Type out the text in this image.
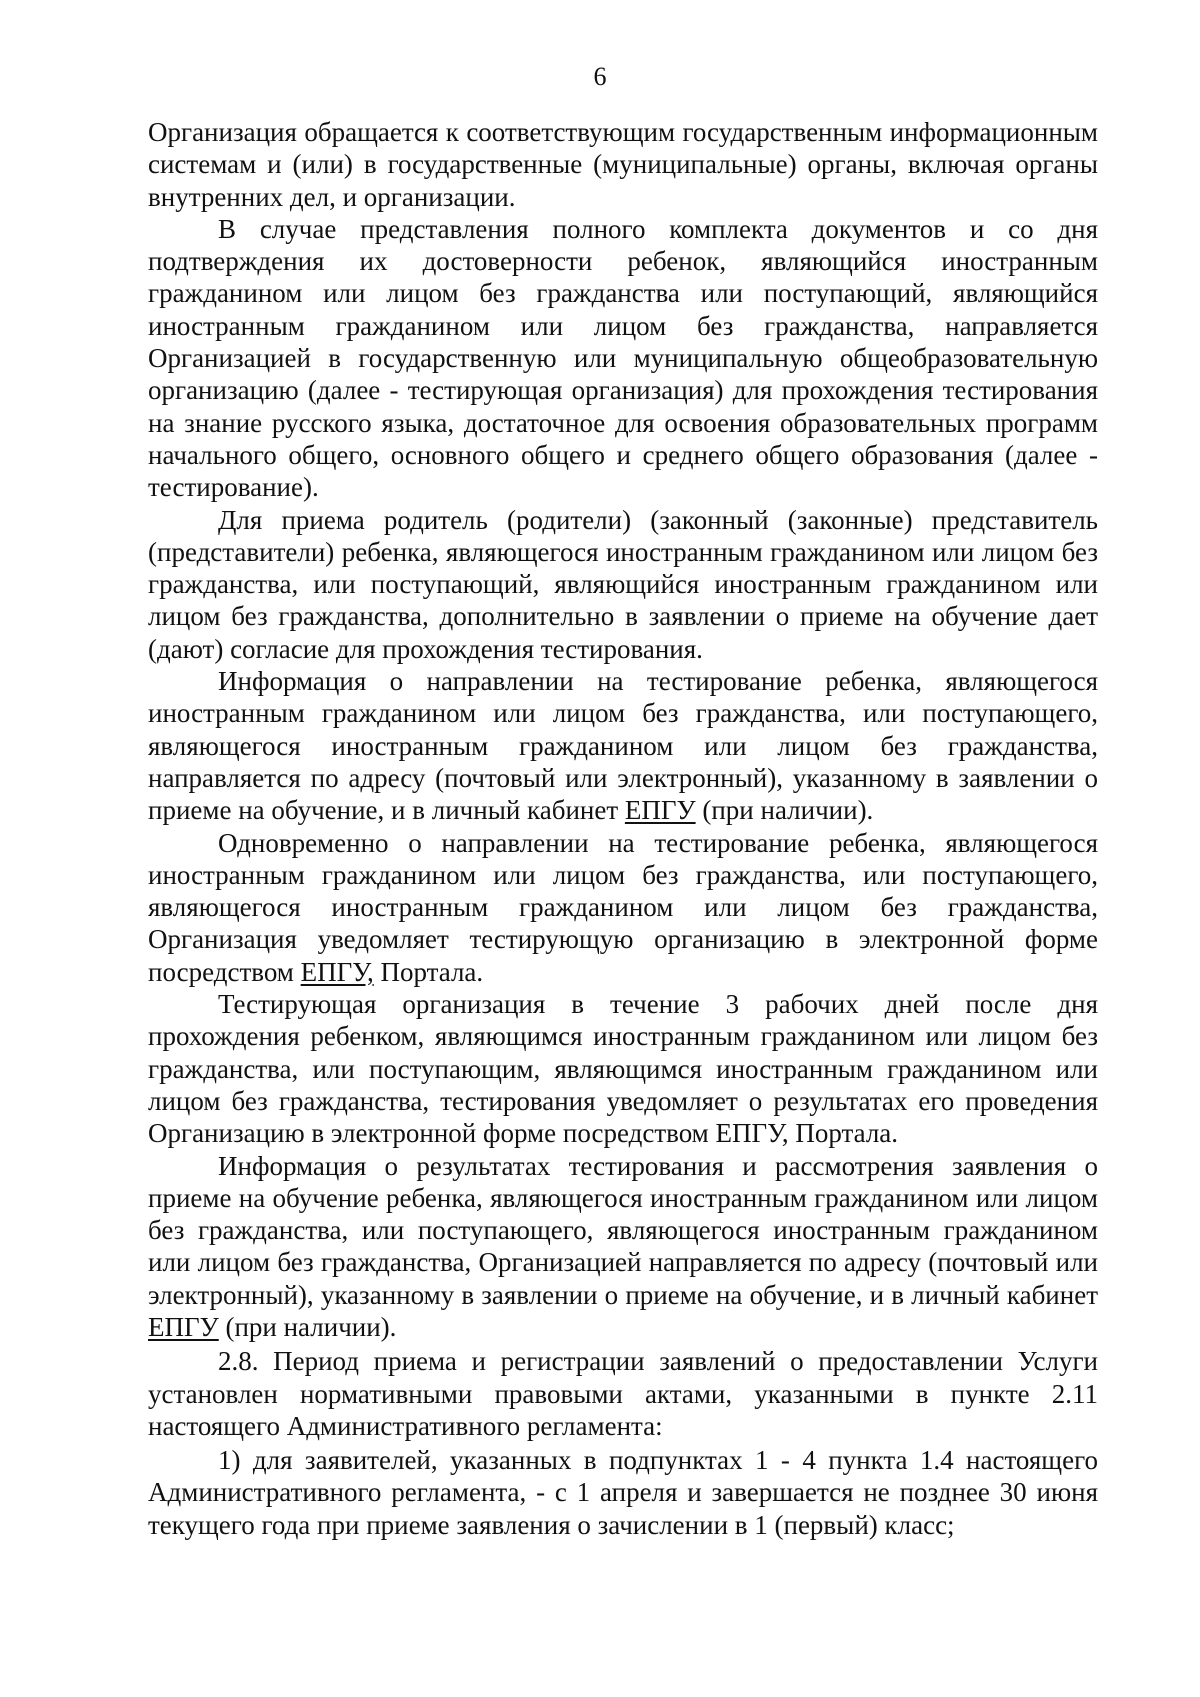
6

Организация обращается к соответствующим государственным информационным системам и (или) в государственные (муниципальные) органы, включая органы внутренних дел, и организации.

В случае представления полного комплекта документов и со дня подтверждения их достоверности ребенок, являющийся иностранным гражданином или лицом без гражданства или поступающий, являющийся иностранным гражданином или лицом без гражданства, направляется Организацией в государственную или муниципальную общеобразовательную организацию (далее - тестирующая организация) для прохождения тестирования на знание русского языка, достаточное для освоения образовательных программ начального общего, основного общего и среднего общего образования (далее - тестирование).

Для приема родитель (родители) (законный (законные) представитель (представители) ребенка, являющегося иностранным гражданином или лицом без гражданства, или поступающий, являющийся иностранным гражданином или лицом без гражданства, дополнительно в заявлении о приеме на обучение дает (дают) согласие для прохождения тестирования.

Информация о направлении на тестирование ребенка, являющегося иностранным гражданином или лицом без гражданства, или поступающего, являющегося иностранным гражданином или лицом без гражданства, направляется по адресу (почтовый или электронный), указанному в заявлении о приеме на обучение, и в личный кабинет ЕПГУ (при наличии).

Одновременно о направлении на тестирование ребенка, являющегося иностранным гражданином или лицом без гражданства, или поступающего, являющегося иностранным гражданином или лицом без гражданства, Организация уведомляет тестирующую организацию в электронной форме посредством ЕПГУ, Портала.

Тестирующая организация в течение 3 рабочих дней после дня прохождения ребенком, являющимся иностранным гражданином или лицом без гражданства, или поступающим, являющимся иностранным гражданином или лицом без гражданства, тестирования уведомляет о результатах его проведения Организацию в электронной форме посредством ЕПГУ, Портала.

Информация о результатах тестирования и рассмотрения заявления о приеме на обучение ребенка, являющегося иностранным гражданином или лицом без гражданства, или поступающего, являющегося иностранным гражданином или лицом без гражданства, Организацией направляется по адресу (почтовый или электронный), указанному в заявлении о приеме на обучение, и в личный кабинет ЕПГУ (при наличии).

2.8. Период приема и регистрации заявлений о предоставлении Услуги установлен нормативными правовыми актами, указанными в пункте 2.11 настоящего Административного регламента:

1) для заявителей, указанных в подпунктах 1 - 4 пункта 1.4 настоящего Административного регламента, - с 1 апреля и завершается не позднее 30 июня текущего года при приеме заявления о зачислении в 1 (первый) класс;
